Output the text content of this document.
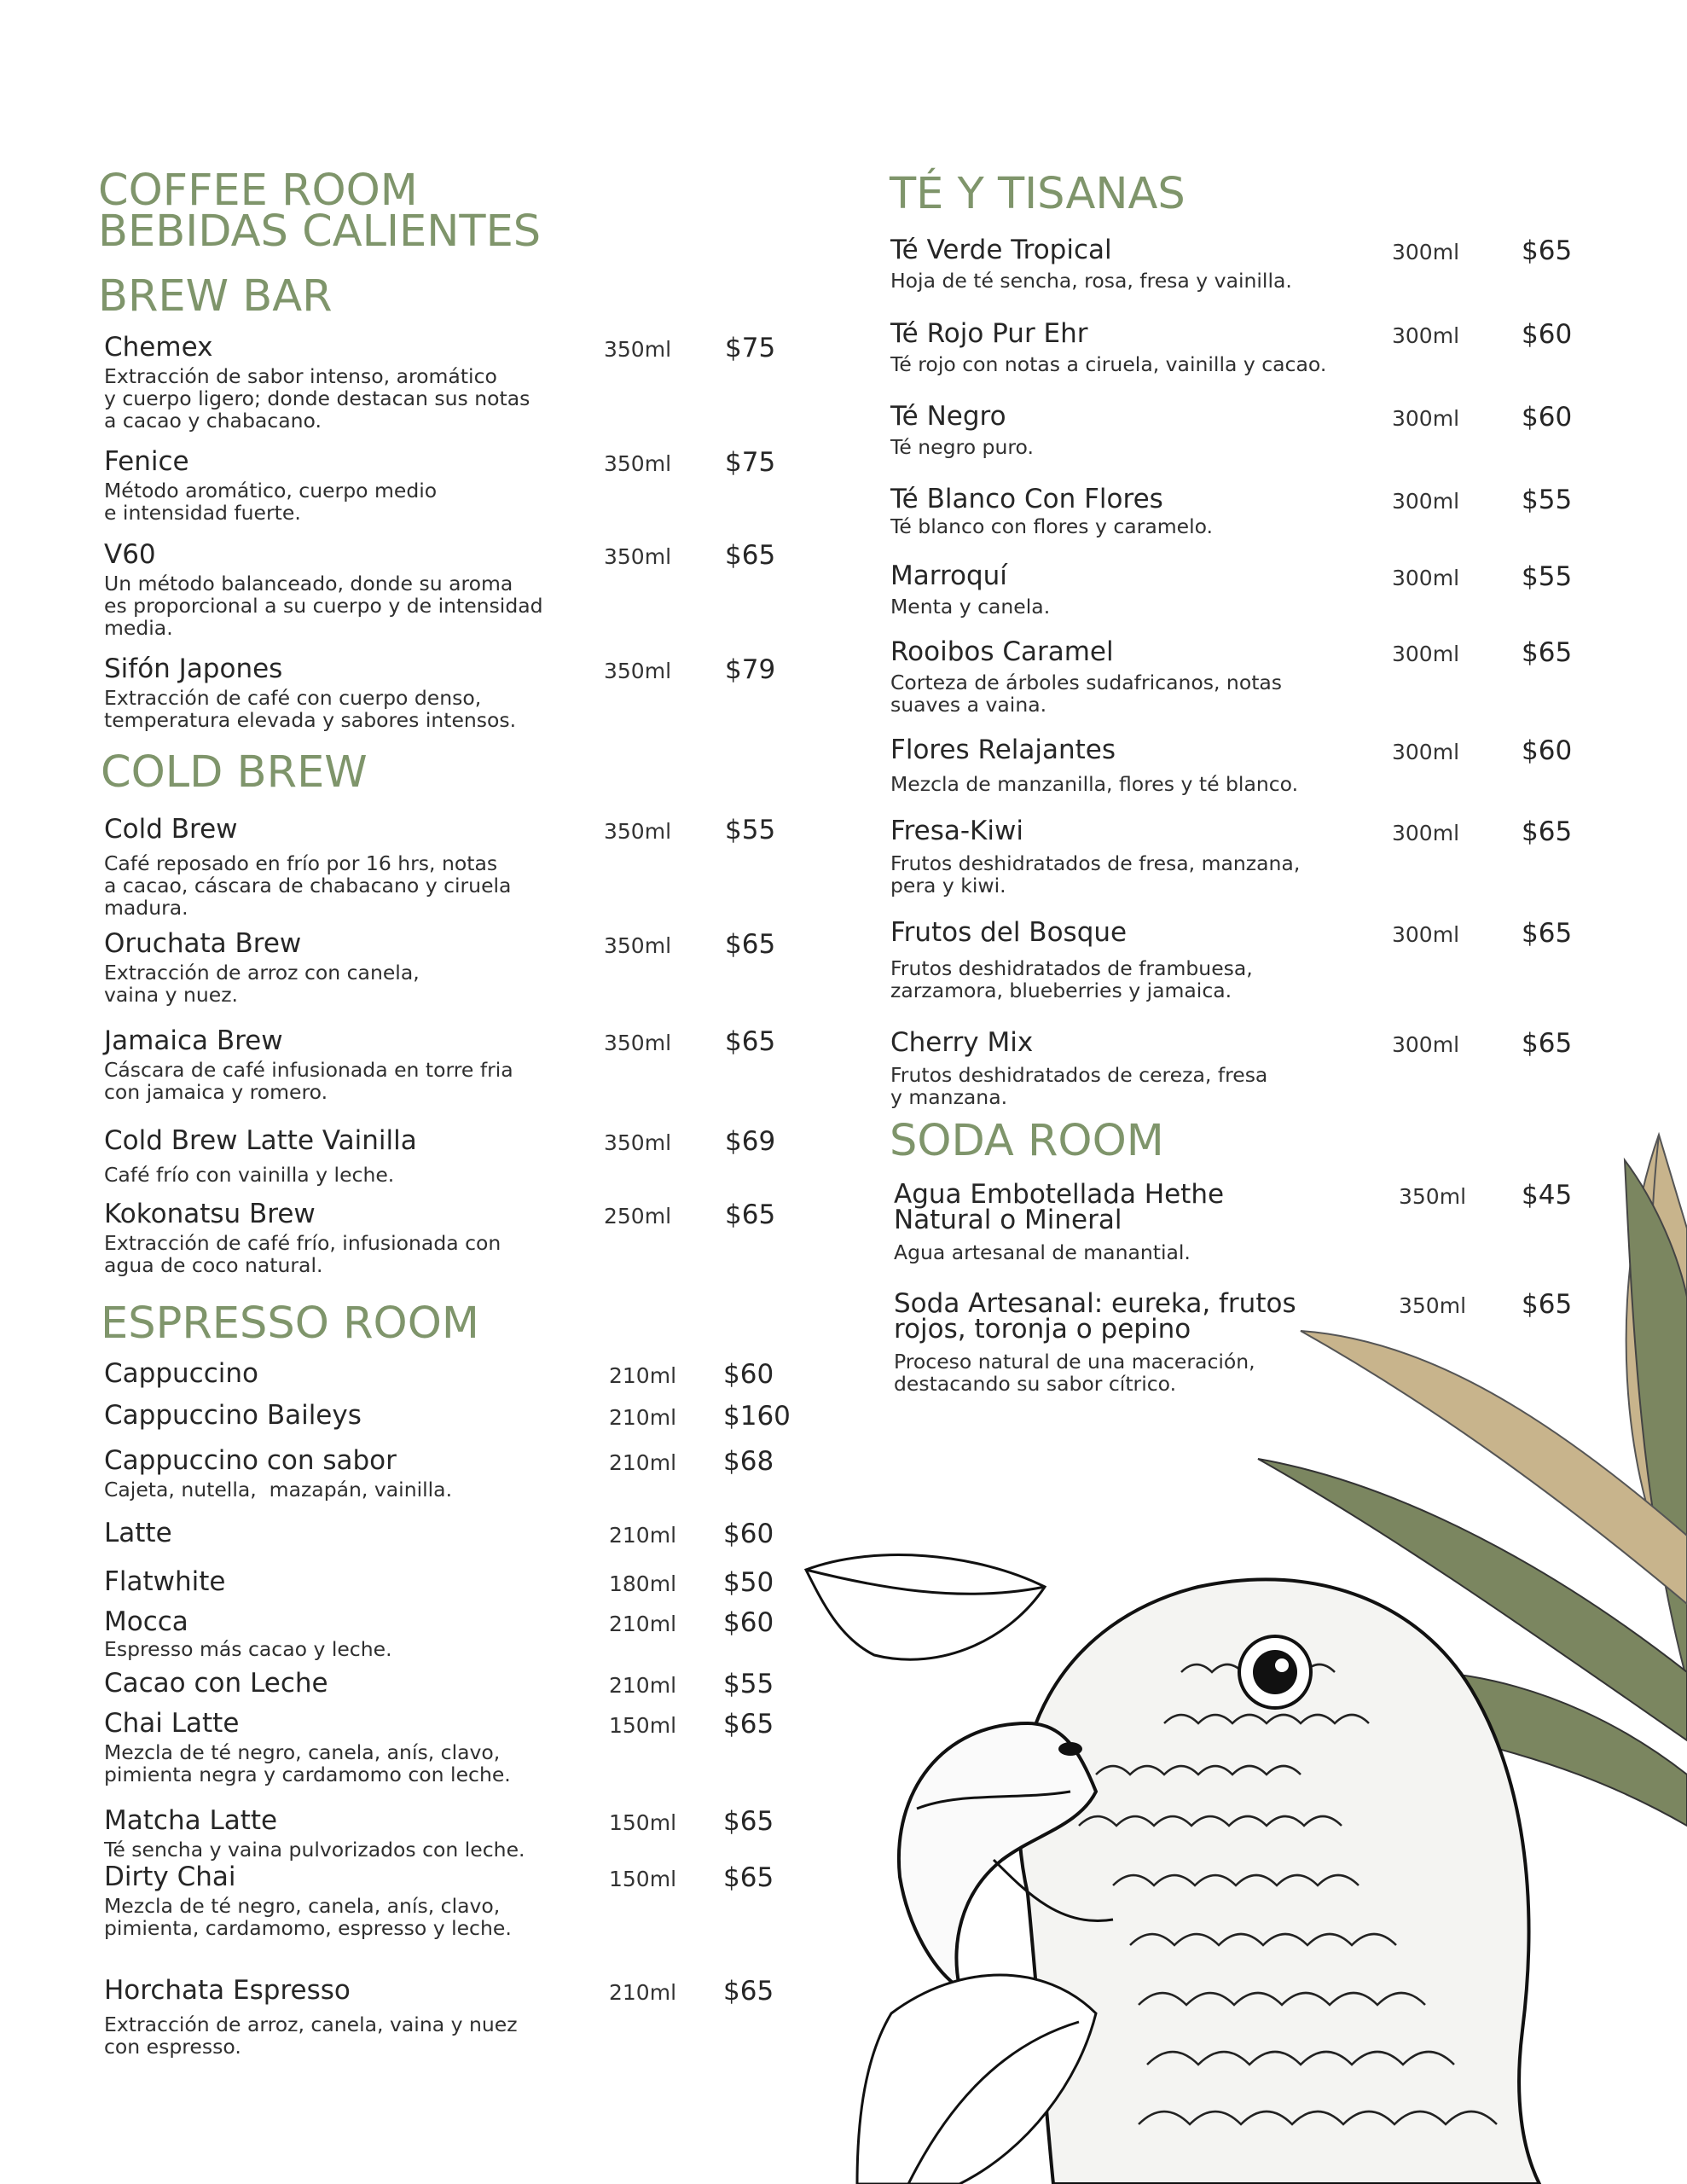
COFFEE ROOM
BEBIDAS CALIENTES
BREW BAR
Chemex
Extracción de sabor intenso, aromático
y cuerpo ligero; donde destacan sus notas
a cacao y chabacano.
350ml $75
Fenice
Método aromático, cuerpo medio
e intensidad fuerte.
350ml $75
V60
Un método balanceado, donde su aroma
es proporcional a su cuerpo y de intensidad
media.
350ml $65
Sifón Japones
Extracción de café con cuerpo denso,
temperatura elevada y sabores intensos.
350ml $79
Cold Brew
Café reposado en frío por 16 hrs, notas
a cacao, cáscara de chabacano y ciruela
madura.
350ml $55
Oruchata Brew
Extracción de arroz con canela,
vaina y nuez.
350ml $65
Jamaica Brew
Cáscara de café infusionada en torre fria
con jamaica y romero.
350ml $65
Cold Brew Latte Vainilla
Café frío con vainilla y leche.
350ml $69
Kokonatsu Brew
Extracción de café frío, infusionada con
agua de coco natural.
250ml $65
Cappuccino	210ml $60
Cappuccino Baileys	210ml $160
Cappuccino con sabor
Cajeta, nutella,  mazapán, vainilla.
210ml $68
Latte	210ml $60
Flatwhite	180ml $50
Mocca
Espresso más cacao y leche.
210ml $60
Cacao con Leche	210ml $55
Chai Latte
Mezcla de té negro, canela, anís, clavo,
pimienta negra y cardamomo con leche.
150ml $65
Matcha Latte
Té sencha y vaina pulvorizados con leche.
150ml $65
Dirty Chai
Mezcla de té negro, canela, anís, clavo,
pimienta, cardamomo, espresso y leche.
150ml $65
Horchata Espresso
Extracción de arroz, canela, vaina y nuez
con espresso.
210ml $65
COLD BREW
ESPRESSO ROOM
TÉ Y TISANAS
SODA ROOM
Té Verde Tropical
Hoja de té sencha, rosa, fresa y vainilla.
300ml $65
Té Rojo Pur Ehr
Té rojo con notas a ciruela, vainilla y cacao.
300ml $60
Té Negro
Té negro puro.
300ml $60
Té Blanco Con Flores
Té blanco con flores y caramelo.
300ml $55
Marroquí
Menta y canela.
300ml $55
Rooibos Caramel
Corteza de árboles sudafricanos, notas
suaves a vaina.
300ml $65
Flores Relajantes
Mezcla de manzanilla, flores y té blanco.
300ml $60
Fresa-Kiwi
Frutos deshidratados de fresa, manzana,
pera y kiwi.
300ml $65
Frutos del Bosque
Frutos deshidratados de frambuesa,
zarzamora, blueberries y jamaica.
300ml $65
Cherry Mix
Frutos deshidratados de cereza, fresa
y manzana.
300ml $65
Agua Embotellada Hethe
Natural o Mineral
Agua artesanal de manantial.
350ml $45
Soda Artesanal: eureka, frutos
rojos, toronja o pepino
Proceso natural de una maceración,
destacando su sabor cítrico.
350ml $65
